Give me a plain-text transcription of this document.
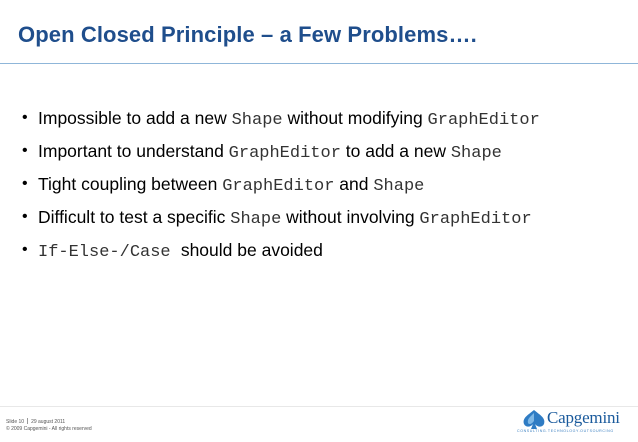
Open Closed Principle – a Few Problems….
• Impossible to add a new Shape without modifying GraphEditor
• Important to understand GraphEditor to add a new Shape
• Tight coupling between GraphEditor and Shape
• Difficult to test a specific Shape without involving GraphEditor
• If-Else-/Case should be avoided
Slide 10 29 august 2011
© 2009 Capgemini - All rights reserved
Capgemini
CONSULTING.TECHNOLOGY.OUTSOURCING
